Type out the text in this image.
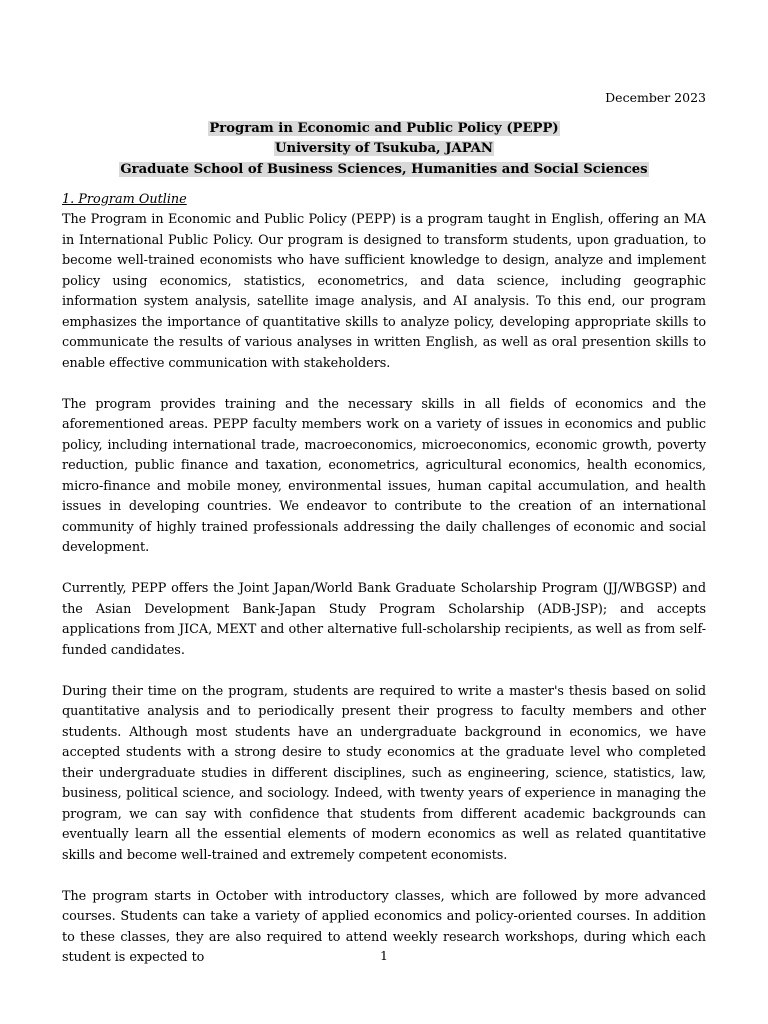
December 2023
Program in Economic and Public Policy (PEPP)
University of Tsukuba, JAPAN
Graduate School of Business Sciences, Humanities and Social Sciences
1. Program Outline

The Program in Economic and Public Policy (PEPP) is a program taught in English, offering an MA in International Public Policy. Our program is designed to transform students, upon graduation, to become well-trained economists who have sufficient knowledge to design, analyze and implement policy using economics, statistics, econometrics, and data science, including geographic information system analysis, satellite image analysis, and AI analysis. To this end, our program emphasizes the importance of quantitative skills to analyze policy, developing appropriate skills to communicate the results of various analyses in written English, as well as oral presention skills to enable effective communication with stakeholders.

The program provides training and the necessary skills in all fields of economics and the aforementioned areas. PEPP faculty members work on a variety of issues in economics and public policy, including international trade, macroeconomics, microeconomics, economic growth, poverty reduction, public finance and taxation, econometrics, agricultural economics, health economics, micro-finance and mobile money, environmental issues, human capital accumulation, and health issues in developing countries. We endeavor to contribute to the creation of an international community of highly trained professionals addressing the daily challenges of economic and social development.

Currently, PEPP offers the Joint Japan/World Bank Graduate Scholarship Program (JJ/WBGSP) and the Asian Development Bank-Japan Study Program Scholarship (ADB-JSP); and accepts applications from JICA, MEXT and other alternative full-scholarship recipients, as well as from self-funded candidates.

During their time on the program, students are required to write a master's thesis based on solid quantitative analysis and to periodically present their progress to faculty members and other students. Although most students have an undergraduate background in economics, we have accepted students with a strong desire to study economics at the graduate level who completed their undergraduate studies in different disciplines, such as engineering, science, statistics, law, business, political science, and sociology. Indeed, with twenty years of experience in managing the program, we can say with confidence that students from different academic backgrounds can eventually learn all the essential elements of modern economics as well as related quantitative skills and become well-trained and extremely competent economists.

The program starts in October with introductory classes, which are followed by more advanced courses. Students can take a variety of applied economics and policy-oriented courses. In addition to these classes, they are also required to attend weekly research workshops, during which each student is expected to	1
